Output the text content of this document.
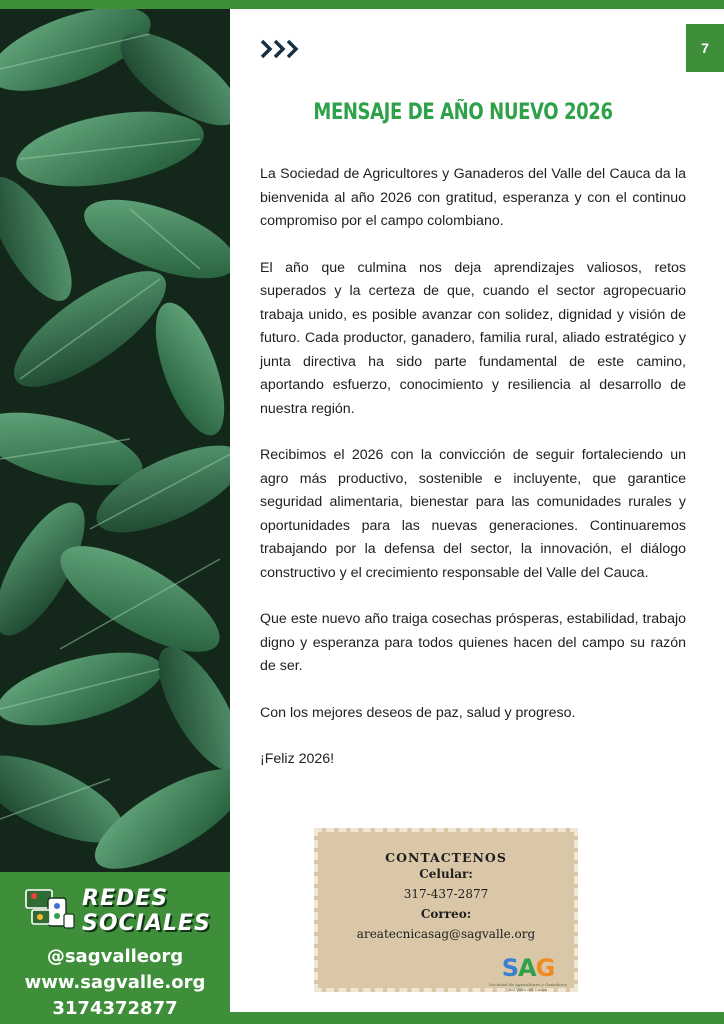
REDES
SOCIALES
@sagvalleorg
www.sagvalle.org
3174372877
7
MENSAJE DE AÑO NUEVO 2026

La Sociedad de Agricultores y Ganaderos del Valle del Cauca da la bienvenida al año 2026 con gratitud, esperanza y con el continuo compromiso por el campo colombiano.

El año que culmina nos deja aprendizajes valiosos, retos superados y la certeza de que, cuando el sector agropecuario trabaja unido, es posible avanzar con solidez, dignidad y visión de futuro. Cada productor, ganadero, familia rural, aliado estratégico y junta directiva ha sido parte fundamental de este camino, aportando esfuerzo, conocimiento y resiliencia al desarrollo de nuestra región.

Recibimos el 2026 con la convicción de seguir fortaleciendo un agro más productivo, sostenible e incluyente, que garantice seguridad alimentaria, bienestar para las comunidades rurales y oportunidades para las nuevas generaciones. Continuaremos trabajando por la defensa del sector, la innovación, el diálogo constructivo y el crecimiento responsable del Valle del Cauca.

Que este nuevo año traiga cosechas prósperas, estabilidad, trabajo digno y esperanza para todos quienes hacen del campo su razón de ser.

Con los mejores deseos de paz, salud y progreso.

¡Feliz 2026!

CONTACTENOS
Celular:
317-437-2877
Correo:
areatecnicasag@sagvalle.org
SAG
Sociedad de Agricultores y Ganaderos del Valle del Cauca
